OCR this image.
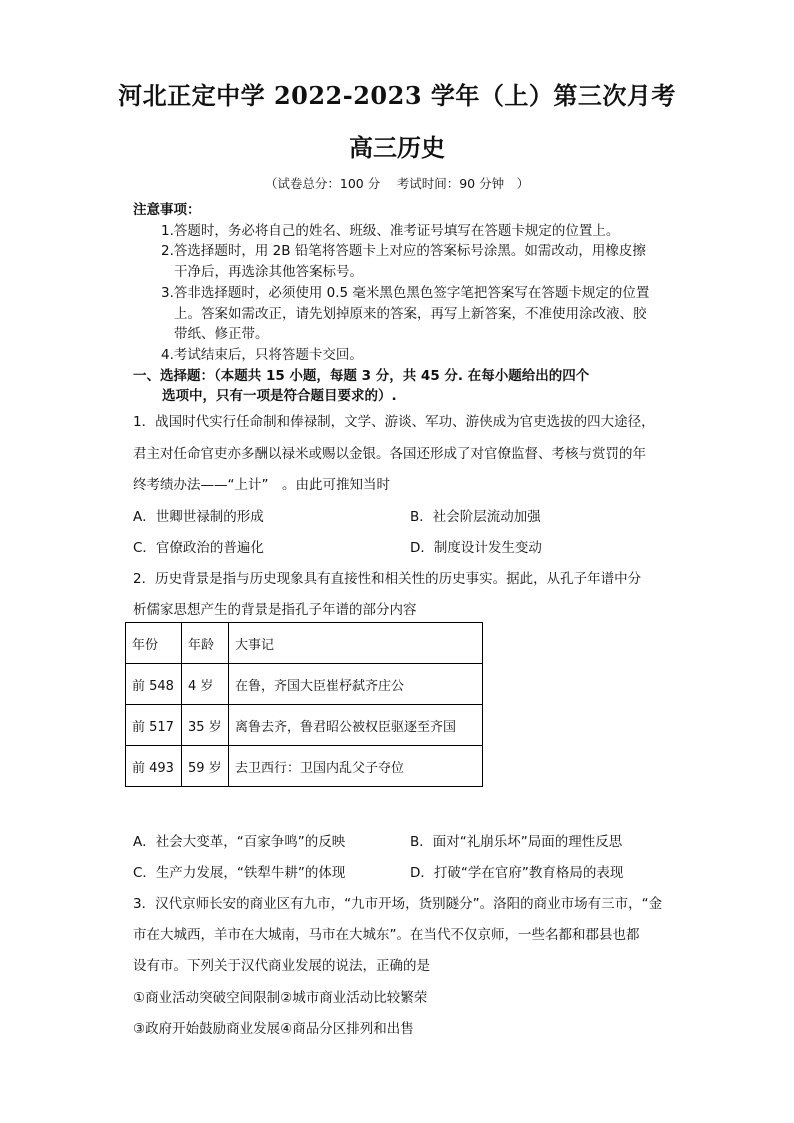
河北正定中学 2022-2023 学年（上）第三次月考
高三历史
（试卷总分：100 分　 考试时间：90 分钟　）
注意事项：
1.答题时，务必将自己的姓名、班级、准考证号填写在答题卡规定的位置上。
2.答选择题时，用 2B 铅笔将答题卡上对应的答案标号涂黑。如需改动，用橡皮擦
干净后，再选涂其他答案标号。
3.答非选择题时，必须使用 0.5 毫米黑色黑色签字笔把答案写在答题卡规定的位置
上。答案如需改正，请先划掉原来的答案，再写上新答案，不准使用涂改液、胶
带纸、修正带。
4.考试结束后，只将答题卡交回。
一、选择题：（本题共 15 小题，每题 3 分，共 45 分. 在每小题给出的四个
选项中，只有一项是符合题目要求的）.
1．战国时代实行任命制和俸禄制，文学、游谈、军功、游侠成为官吏选拔的四大途径，
君主对任命官吏亦多酬以禄米或赐以金银。各国还形成了对官僚监督、考核与赏罚的年
终考绩办法——“上计”　。由此可推知当时
A．世卿世禄制的形成	B．社会阶层流动加强
C．官僚政治的普遍化	D．制度设计发生变动
2．历史背景是指与历史现象具有直接性和相关性的历史事实。据此，从孔子年谱中分
析儒家思想产生的背景是指孔子年谱的部分内容
年份	年龄	大事记
前 548	4 岁	在鲁，齐国大臣崔杼弑齐庄公
前 517	35 岁	离鲁去齐，鲁君昭公被权臣驱逐至齐国
前 493	59 岁	去卫西行：卫国内乱父子夺位
A．社会大变革，“百家争鸣”的反映	B．面对“礼崩乐坏”局面的理性反思
C．生产力发展，“铁犁牛耕”的体现	D．打破“学在官府”教育格局的表现
3．汉代京师长安的商业区有九市，“九市开场，货别隧分”。洛阳的商业市场有三市，“金
市在大城西，羊市在大城南，马市在大城东”。在当代不仅京师，一些名都和郡县也都
设有市。下列关于汉代商业发展的说法，正确的是
①商业活动突破空间限制②城市商业活动比较繁荣
③政府开始鼓励商业发展④商品分区排列和出售
